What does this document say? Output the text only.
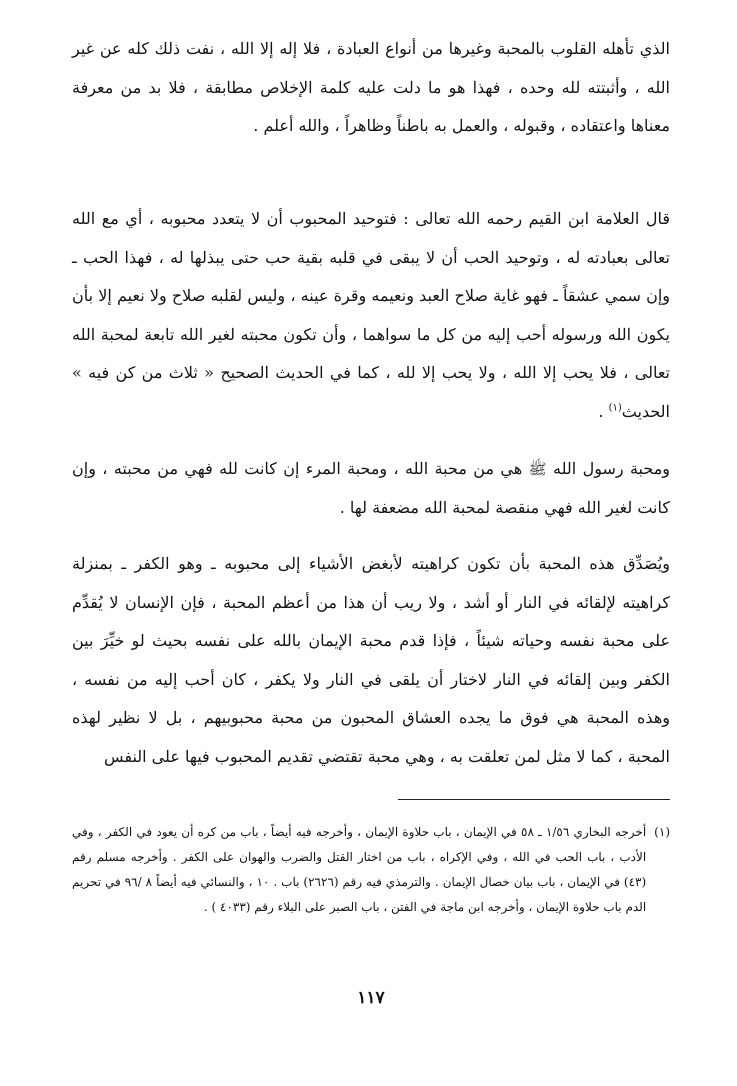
الذي تأهله القلوب بالمحبة وغيرها من أنواع العبادة ، فلا إله إلا الله ، نفت ذلك كله عن غير الله ، وأثبتته لله وحده ، فهذا هو ما دلت عليه كلمة الإخلاص مطابقة ، فلا بد من معرفة معناها واعتقاده ، وقبوله ، والعمل به باطناً وظاهراً ، والله أعلم .

قال العلامة ابن القيم رحمه الله تعالى : فتوحيد المحبوب أن لا يتعدد محبوبه ، أي مع الله تعالى بعبادته له ، وتوحيد الحب أن لا يبقى في قلبه بقية حب حتى يبذلها له ، فهذا الحب ـ وإن سمي عشقاً ـ فهو غاية صلاح العبد ونعيمه وقرة عينه ، وليس لقلبه صلاح ولا نعيم إلا بأن يكون الله ورسوله أحب إليه من كل ما سواهما ، وأن تكون محبته لغير الله تابعة لمحبة الله تعالى ، فلا يحب إلا الله ، ولا يحب إلا لله ، كما في الحديث الصحيح « ثلاث من كن فيه » الحديث$^{(١)}$ .

ومحبة رسول الله ﷺ هي من محبة الله ، ومحبة المرء إن كانت لله فهي من محبته ، وإن كانت لغير الله فهي منقصة لمحبة الله مضعفة لها .

ويُصَدِّق هذه المحبة بأن تكون كراهيته لأبغض الأشياء إلى محبوبه ـ وهو الكفر ـ بمنزلة كراهيته لإلقائه في النار أو أشد ، ولا ريب أن هذا من أعظم المحبة ، فإن الإنسان لا يُقدِّم على محبة نفسه وحياته شيئاً ، فإذا قدم محبة الإيمان بالله على نفسه بحيث لو خيِّرَ بين الكفر وبين إلقائه في النار لاختار أن يلقى في النار ولا يكفر ، كان أحب إليه من نفسه ، وهذه المحبة هي فوق ما يجده العشاق المحبون من محبة محبوبيهم ، بل لا نظير لهذه المحبة ، كما لا مثل لمن تعلقت به ، وهي محبة تقتضي تقديم المحبوب فيها على النفس

(١)

أخرجه البخاري ١/٥٦ ـ ٥٨ في الإيمان ، باب حلاوة الإيمان ، وأخرجه فيه أيضاً ، باب من كره أن يعود في الكفر ، وفي الأدب ، باب الحب في الله ، وفي الإكراه ، باب من اختار القتل والضرب والهوان على الكفر . وأخرجه مسلم رقم (٤٣) في الإيمان ، باب بيان خصال الإيمان . والترمذي فيه رقم (٢٦٢٦) باب . ١٠ ، والنسائي فيه أيضاً ٨ /٩٦ في تحريم الدم باب حلاوة الإيمان ، وأخرجه ابن ماجة في الفتن ، باب الصبر على البلاء رقم (٤٠٣٣ ) .

١١٧
